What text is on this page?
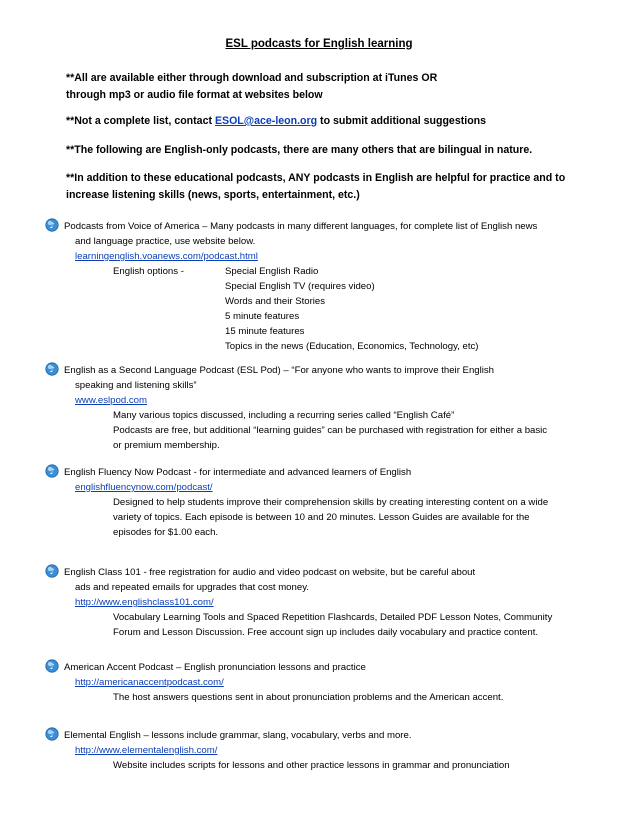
ESL podcasts for English learning
**All are available either through download and subscription at iTunes OR
through mp3 or audio file format at websites below
**Not a complete list, contact ESOL@ace-leon.org to submit additional suggestions
**The following are English-only podcasts, there are many others that are bilingual in nature.
**In addition to these educational podcasts, ANY podcasts in English are helpful for practice and to
increase listening skills (news, sports, entertainment, etc.)
♪ Podcasts from Voice of America – Many podcasts in many different languages, for complete list of English news
and language practice, use website below.
learningenglish.voanews.com/podcast.html
English options -	Special English Radio
Special English TV (requires video)
Words and their Stories
5 minute features
15 minute features
Topics in the news (Education, Economics, Technology, etc)
♪ English as a Second Language Podcast (ESL Pod) – “For anyone who wants to improve their English
speaking and listening skills”
www.eslpod.com
Many various topics discussed, including a recurring series called “English Café”
Podcasts are free, but additional “learning guides” can be purchased with registration for either a basic
or premium membership.
♪ English Fluency Now Podcast - for intermediate and advanced learners of English
englishfluencynow.com/podcast/
Designed to help students improve their comprehension skills by creating interesting content on a wide
variety of topics. Each episode is between 10 and 20 minutes. Lesson Guides are available for the
episodes for $1.00 each.
♪ English Class 101 - free registration for audio and video podcast on website, but be careful about
ads and repeated emails for upgrades that cost money.
http://www.englishclass101.com/
Vocabulary Learning Tools and Spaced Repetition Flashcards, Detailed PDF Lesson Notes, Community
Forum and Lesson Discussion. Free account sign up includes daily vocabulary and practice content.
♪ American Accent Podcast – English pronunciation lessons and practice
http://americanaccentpodcast.com/
The host answers questions sent in about pronunciation problems and the American accent.
♪ Elemental English – lessons include grammar, slang, vocabulary, verbs and more.
http://www.elementalenglish.com/
Website includes scripts for lessons and other practice lessons in grammar and pronunciation
